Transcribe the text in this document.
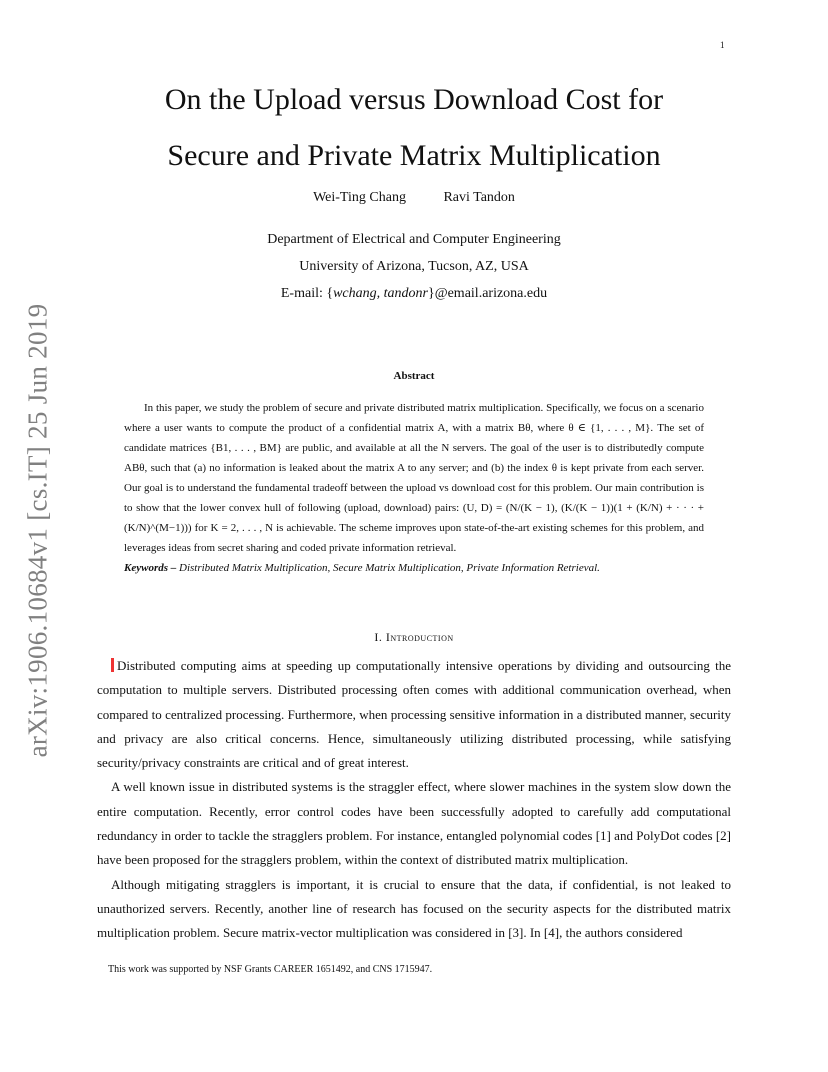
1
arXiv:1906.10684v1 [cs.IT] 25 Jun 2019
On the Upload versus Download Cost for
Secure and Private Matrix Multiplication
Wei-Ting Chang	Ravi Tandon
Department of Electrical and Computer Engineering
University of Arizona, Tucson, AZ, USA
E-mail: {wchang, tandonr}@email.arizona.edu
Abstract

In this paper, we study the problem of secure and private distributed matrix multiplication. Specifically, we focus on a scenario where a user wants to compute the product of a confidential matrix A, with a matrix Bθ, where θ ∈ {1, . . . , M}. The set of candidate matrices {B1, . . . , BM} are public, and available at all the N servers. The goal of the user is to distributedly compute ABθ, such that (a) no information is leaked about the matrix A to any server; and (b) the index θ is kept private from each server. Our goal is to understand the fundamental tradeoff between the upload vs download cost for this problem. Our main contribution is to show that the lower convex hull of following (upload, download) pairs: (U, D) = (N/(K − 1), (K/(K − 1))(1 + (K/N) + · · · + (K/N)^(M−1))) for K = 2, . . . , N is achievable. The scheme improves upon state-of-the-art existing schemes for this problem, and leverages ideas from secret sharing and coded private information retrieval.

Keywords – Distributed Matrix Multiplication, Secure Matrix Multiplication, Private Information Retrieval.

I. Introduction

Distributed computing aims at speeding up computationally intensive operations by dividing and outsourcing the computation to multiple servers. Distributed processing often comes with additional communication overhead, when compared to centralized processing. Furthermore, when processing sensitive information in a distributed manner, security and privacy are also critical concerns. Hence, simultaneously utilizing distributed processing, while satisfying security/privacy constraints are critical and of great interest.

A well known issue in distributed systems is the straggler effect, where slower machines in the system slow down the entire computation. Recently, error control codes have been successfully adopted to carefully add computational redundancy in order to tackle the stragglers problem. For instance, entangled polynomial codes [1] and PolyDot codes [2] have been proposed for the stragglers problem, within the context of distributed matrix multiplication.

Although mitigating stragglers is important, it is crucial to ensure that the data, if confidential, is not leaked to unauthorized servers. Recently, another line of research has focused on the security aspects for the distributed matrix multiplication problem. Secure matrix-vector multiplication was considered in [3]. In [4], the authors considered

This work was supported by NSF Grants CAREER 1651492, and CNS 1715947.
